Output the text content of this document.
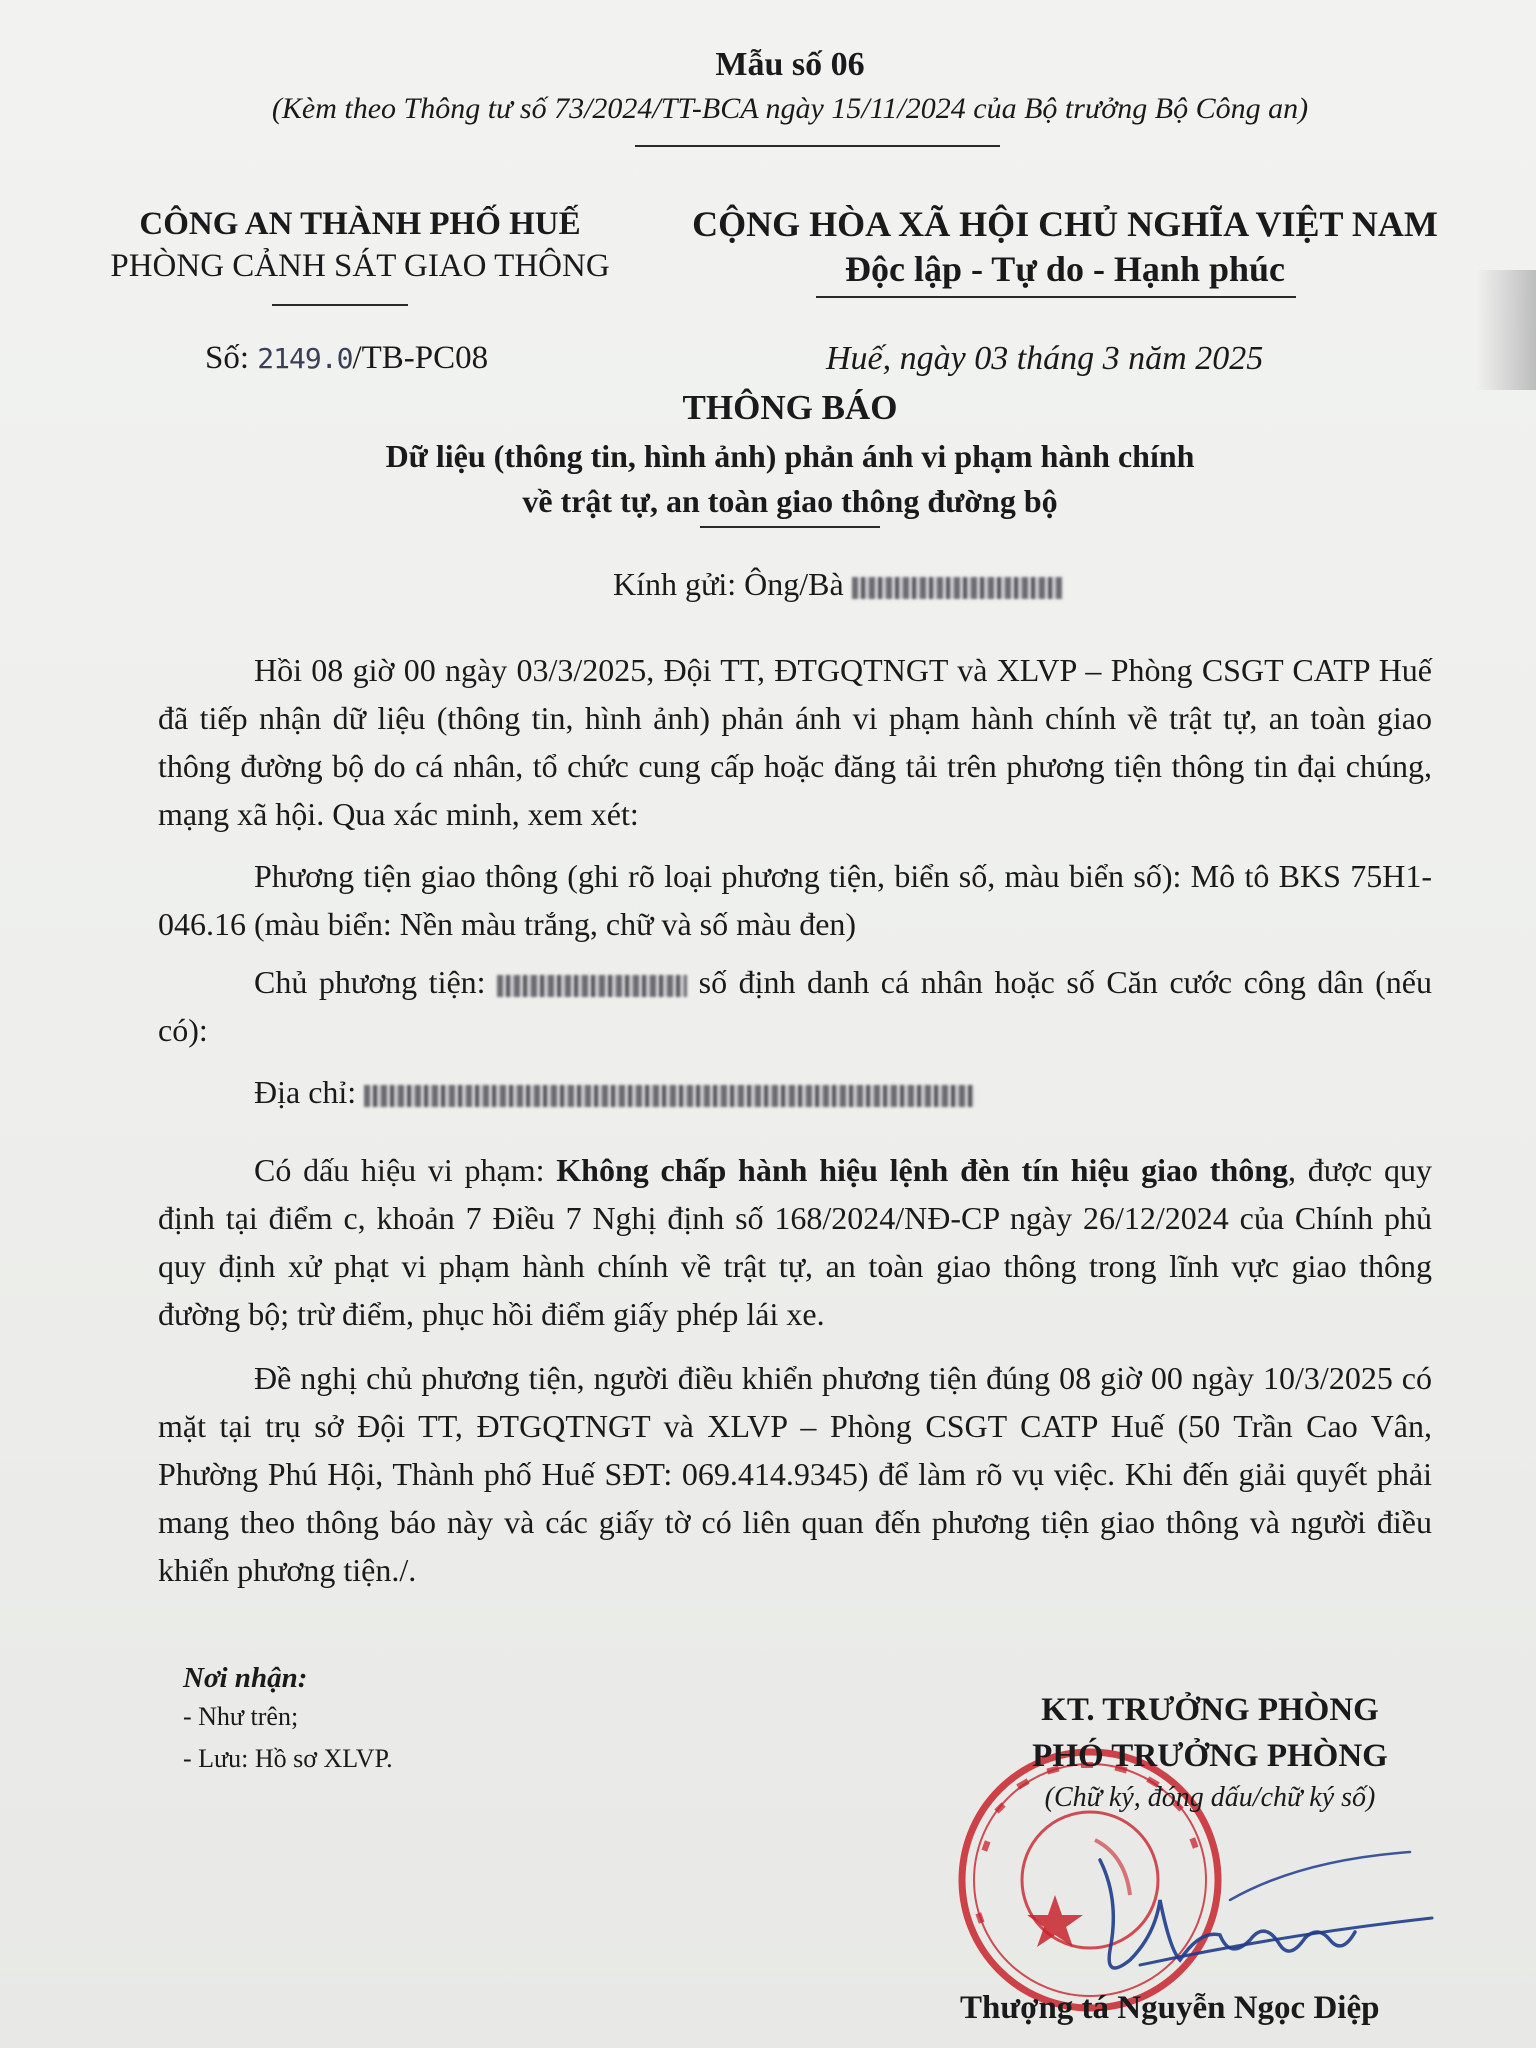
Mẫu số 06
(Kèm theo Thông tư số 73/2024/TT-BCA ngày 15/11/2024 của Bộ trưởng Bộ Công an)
CÔNG AN THÀNH PHỐ HUẾ
PHÒNG CẢNH SÁT GIAO THÔNG
CỘNG HÒA XÃ HỘI CHỦ NGHĨA VIỆT NAM
Độc lập - Tự do - Hạnh phúc
Số: 2149.0/TB-PC08	Huế, ngày 03 tháng 3 năm 2025
THÔNG BÁO
Dữ liệu (thông tin, hình ảnh) phản ánh vi phạm hành chính
về trật tự, an toàn giao thông đường bộ
Kính gửi: Ông/Bà

Hồi 08 giờ 00 ngày 03/3/2025, Đội TT, ĐTGQTNGT và XLVP – Phòng CSGT CATP Huế đã tiếp nhận dữ liệu (thông tin, hình ảnh) phản ánh vi phạm hành chính về trật tự, an toàn giao thông đường bộ do cá nhân, tổ chức cung cấp hoặc đăng tải trên phương tiện thông tin đại chúng, mạng xã hội. Qua xác minh, xem xét:

Phương tiện giao thông (ghi rõ loại phương tiện, biển số, màu biển số): Mô tô BKS 75H1-046.16 (màu biển: Nền màu trắng, chữ và số màu đen)

Chủ phương tiện:	số định danh cá nhân hoặc số Căn cước công dân (nếu có):

Địa chỉ:

Có dấu hiệu vi phạm: Không chấp hành hiệu lệnh đèn tín hiệu giao thông, được quy định tại điểm c, khoản 7 Điều 7 Nghị định số 168/2024/NĐ-CP ngày 26/12/2024 của Chính phủ quy định xử phạt vi phạm hành chính về trật tự, an toàn giao thông trong lĩnh vực giao thông đường bộ; trừ điểm, phục hồi điểm giấy phép lái xe.

Đề nghị chủ phương tiện, người điều khiển phương tiện đúng 08 giờ 00 ngày 10/3/2025 có mặt tại trụ sở Đội TT, ĐTGQTNGT và XLVP – Phòng CSGT CATP Huế (50 Trần Cao Vân, Phường Phú Hội, Thành phố Huế SĐT: 069.414.9345) để làm rõ vụ việc. Khi đến giải quyết phải mang theo thông báo này và các giấy tờ có liên quan đến phương tiện giao thông và người điều khiển phương tiện./.

Nơi nhận:
- Như trên;
- Lưu: Hồ sơ XLVP.
KT. TRƯỞNG PHÒNG
PHÓ TRƯỞNG PHÒNG
(Chữ ký, đóng dấu/chữ ký số)
Thượng tá Nguyễn Ngọc Diệp
